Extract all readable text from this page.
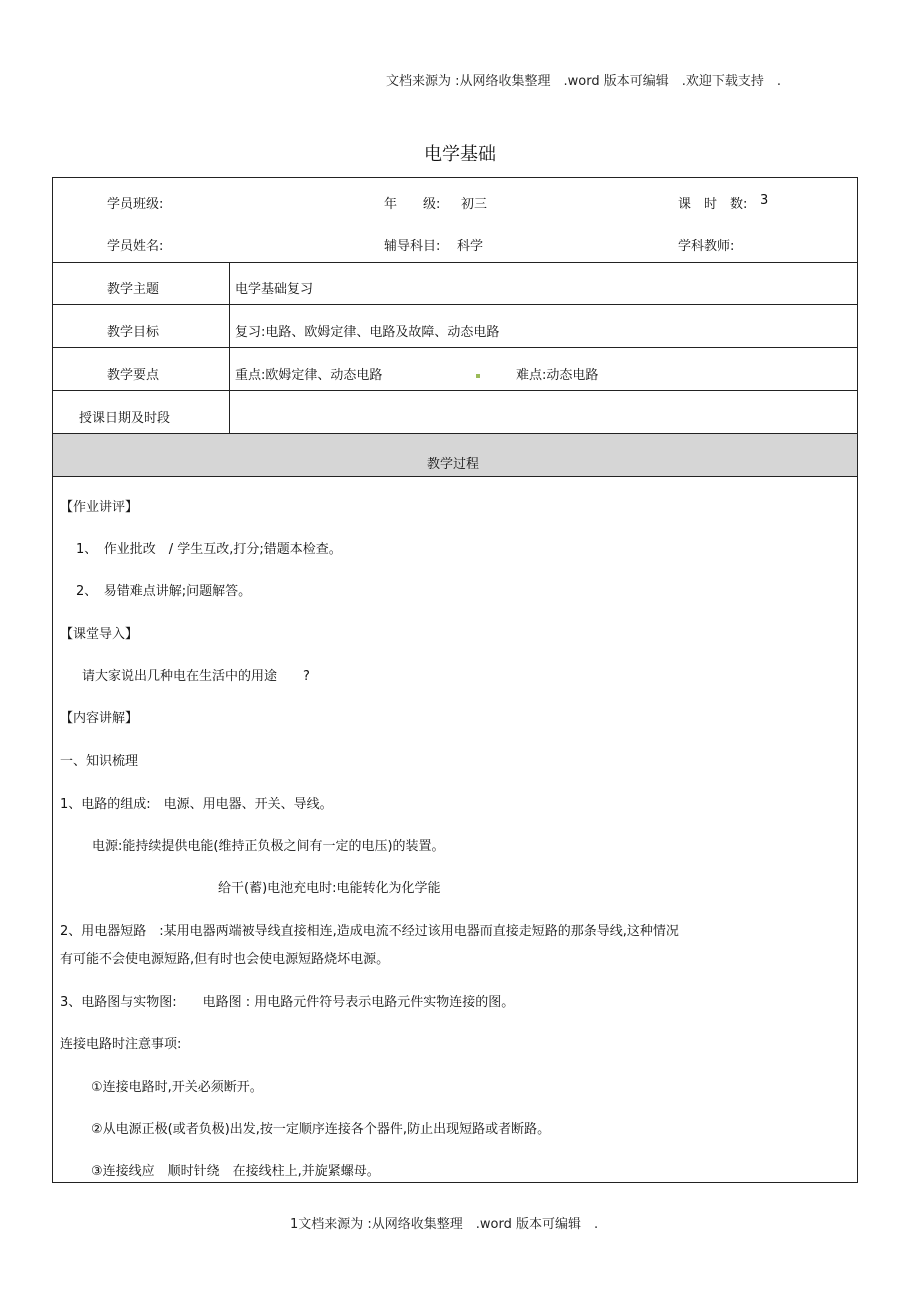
文档来源为 :从网络收集整理　.word 版本可编辑　.欢迎下载支持　.
电学基础
学员班级:	年　　级: 初三	课　时　数: 3
学员姓名:	辅导科目: 科学	学科教师:
教学主题	电学基础复习
教学目标	复习:电路、欧姆定律、电路及故障、动态电路
教学要点	重点:欧姆定律、动态电路	难点:动态电路
授课日期及时段
教学过程
【作业讲评】
1、　作业批改　/ 学生互改,打分;错题本检查。
2、　易错难点讲解;问题解答。
【课堂导入】
请大家说出几种电在生活中的用途　　?
【内容讲解】
一、知识梳理
1、电路的组成:　电源、用电器、开关、导线。
电源:能持续提供电能(维持正负极之间有一定的电压)的装置。
给干(蓄)电池充电时:电能转化为化学能
2、用电器短路　:某用电器两端被导线直接相连,造成电流不经过该用电器而直接走短路的那条导线,这种情况
有可能不会使电源短路,但有时也会使电源短路烧坏电源。
3、电路图与实物图:　　电路图 : 用电路元件符号表示电路元件实物连接的图。
连接电路时注意事项:
①连接电路时,开关必须断开。
②从电源正极(或者负极)出发,按一定顺序连接各个器件,防止出现短路或者断路。
③连接线应　顺时针绕　在接线柱上,并旋紧螺母。
1文档来源为 :从网络收集整理　.word 版本可编辑　.
